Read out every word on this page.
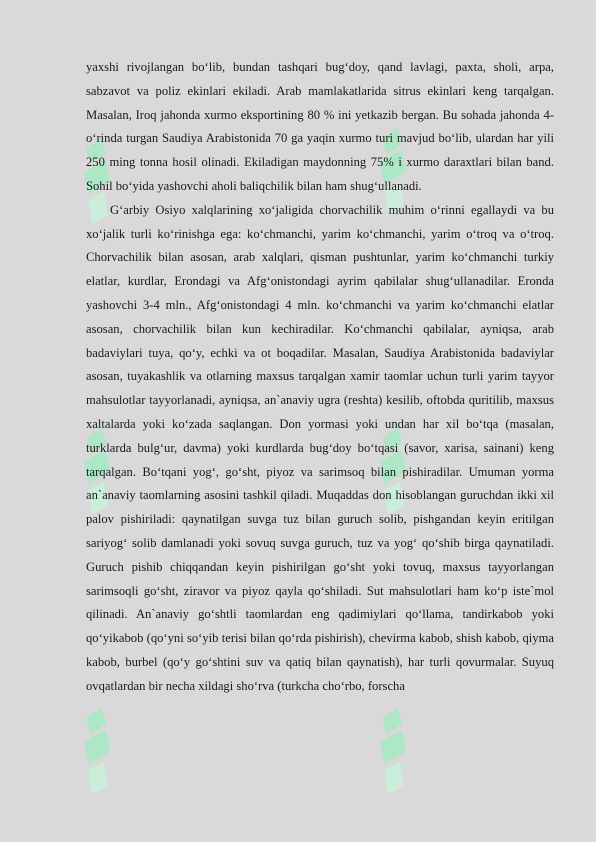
yaxshi rivojlangan bo‘lib, bundan tashqari bug‘doy, qand lavlagi, paxta, sholi, arpa, sabzavot va poliz ekinlari ekiladi. Arab mamlakatlarida sitrus ekinlari keng tarqalgan. Masalan, Iroq jahonda xurmo eksportining 80 % ini yetkazib bergan. Bu sohada jahonda 4-o‘rinda turgan Saudiya Arabistonida 70 ga yaqin xurmo turi mavjud bo‘lib, ulardan har yili 250 ming tonna hosil olinadi. Ekiladigan maydonning 75% i xurmo daraxtlari bilan band. Sohil bo‘yida yashovchi aholi baliqchilik bilan ham shug‘ullanadi.

G‘arbiy Osiyo xalqlarining xo‘jaligida chorvachilik muhim o‘rinni egallaydi va bu xo‘jalik turli ko‘rinishga ega: ko‘chmanchi, yarim ko‘chmanchi, yarim o‘troq va o‘troq. Chorvachilik bilan asosan, arab xalqlari, qisman pushtunlar, yarim ko‘chmanchi turkiy elatlar, kurdlar, Erondagi va Afg‘onistondagi ayrim qabilalar shug‘ullanadilar. Eronda yashovchi 3-4 mln., Afg‘onistondagi 4 mln. ko‘chmanchi va yarim ko‘chmanchi elatlar asosan, chorvachilik bilan kun kechiradilar. Ko‘chmanchi qabilalar, ayniqsa, arab badaviylari tuya, qo‘y, echki va ot boqadilar. Masalan, Saudiya Arabistonida badaviylar asosan, tuyakashlik va otlarning maxsus tarqalgan xamir taomlar uchun turli yarim tayyor mahsulotlar tayyorlanadi, ayniqsa, an`anaviy ugra (reshta) kesilib, oftobda quritilib, maxsus xaltalarda yoki ko‘zada saqlangan. Don yormasi yoki undan har xil bo‘tqa (masalan, turklarda bulg‘ur, davma) yoki kurdlarda bug‘doy bo‘tqasi (savor, xarisa, sainani) keng tarqalgan. Bo‘tqani yog‘, go‘sht, piyoz va sarimsoq bilan pishiradilar. Umuman yorma an`anaviy taomlarning asosini tashkil qiladi. Muqaddas don hisoblangan guruchdan ikki xil palov pishiriladi: qaynatilgan suvga tuz bilan guruch solib, pishgandan keyin eritilgan sariyog‘ solib damlanadi yoki sovuq suvga guruch, tuz va yog‘ qo‘shib birga qaynatiladi. Guruch pishib chiqqandan keyin pishirilgan go‘sht yoki tovuq, maxsus tayyorlangan sarimsoqli go‘sht, ziravor va piyoz qayla qo‘shiladi. Sut mahsulotlari ham ko‘p iste`mol qilinadi. An`anaviy go‘shtli taomlardan eng qadimiylari qo‘llama, tandirkabob yoki qo‘yikabob (qo‘yni so‘yib terisi bilan qo‘rda pishirish), chevirma kabob, shish kabob, qiyma kabob, burbel (qo‘y go‘shtini suv va qatiq bilan qaynatish), har turli qovurmalar. Suyuq ovqatlardan bir necha xildagi sho‘rva (turkcha cho‘rbo, forscha
